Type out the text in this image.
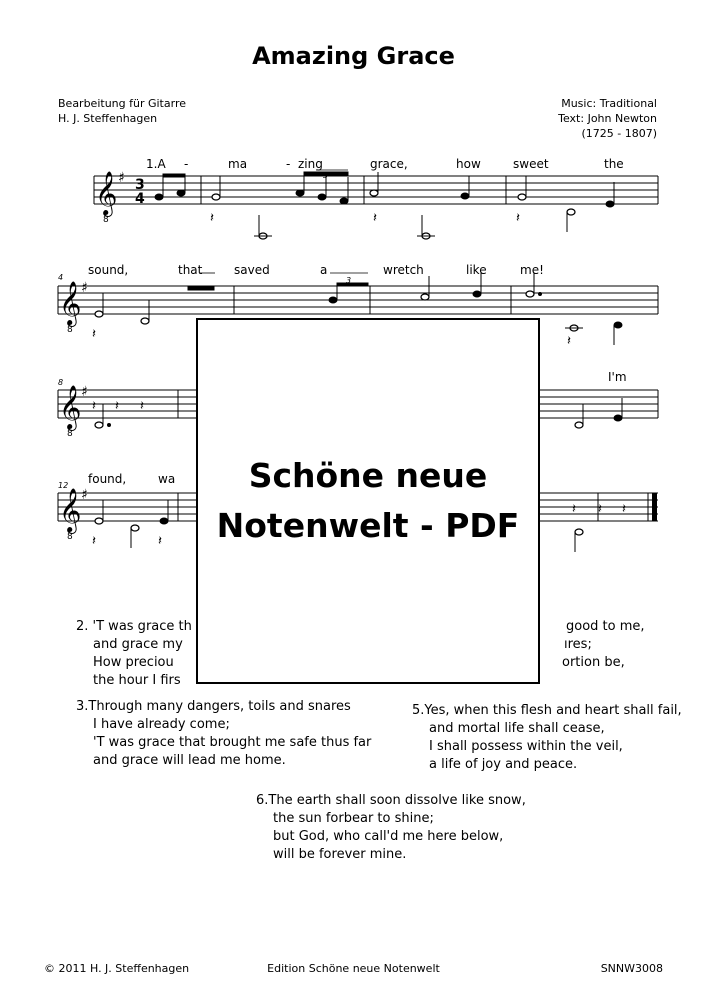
Amazing Grace
Bearbeitung für Gitarre
H. J. Steffenhagen
Music: Traditional
Text: John Newton
(1725 - 1807)
1.A -	ma	- zing	grace,	how	sweet	the
sound,	that	saved	a	wretch	like	me!
I'm
found,	wa
𝄞
𝄞
𝄞
𝄞
8
8
8
8
♯
♯
♯
♯
3
4
4
8
12
𝄽	𝄽	𝄽
3
𝄽	𝄽
3
𝄽 𝄽 𝄽
𝄽	𝄽
𝄽 𝄽 𝄽
Schöne neue
Notenwelt - PDF
2. 'T was grace th
and grace my
How preciou
the hour I firs
good to me,
ıres;
ortion be,
3.Through many dangers, toils and snares
I have already come;
'T was grace that brought me safe thus far
and grace will lead me home.
5.Yes, when this flesh and heart shall fail,
and mortal life shall cease,
I shall possess within the veil,
a life of joy and peace.
6.The earth shall soon dissolve like snow,
the sun forbear to shine;
but God, who call'd me here below,
will be forever mine.
© 2011 H. J. Steffenhagen	Edition Schöne neue Notenwelt	SNNW3008
